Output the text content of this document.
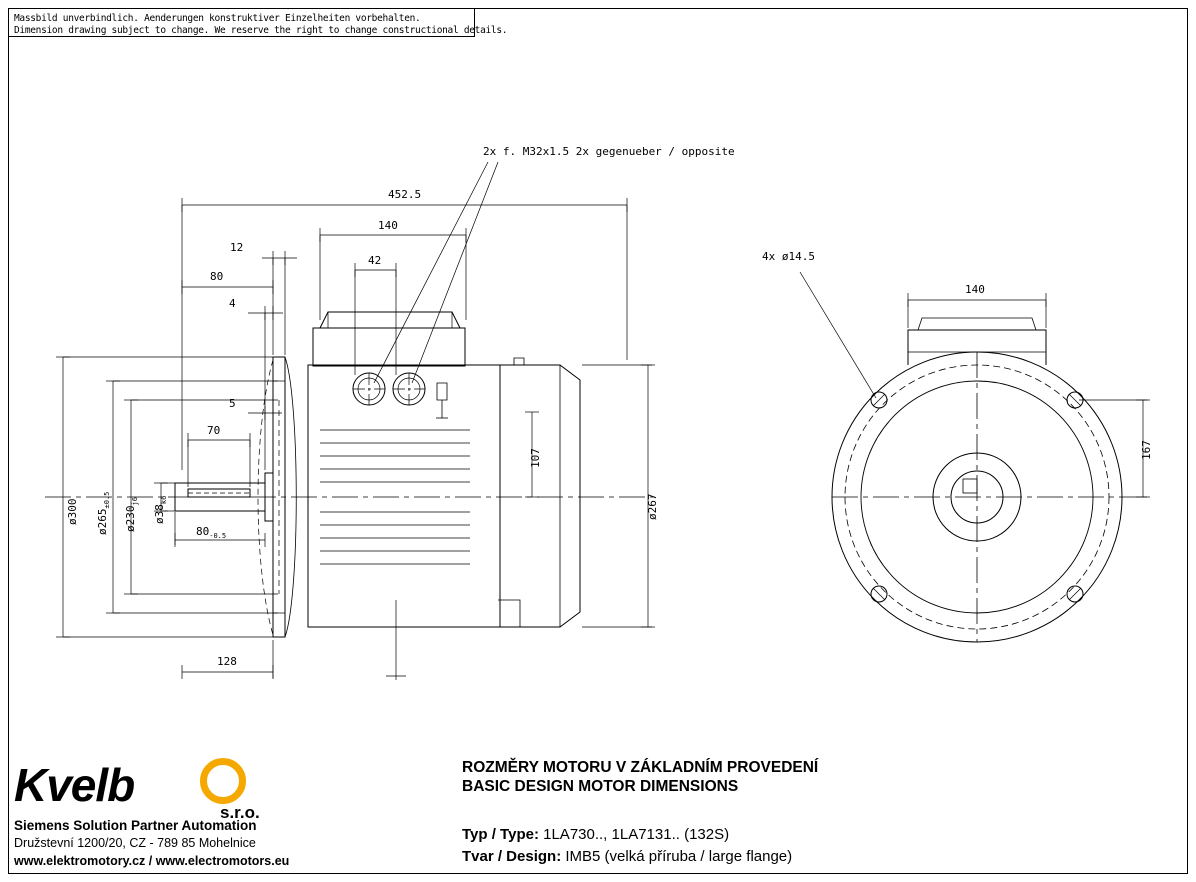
Massbild unverbindlich. Aenderungen konstruktiver Einzelheiten vorbehalten.
Dimension drawing subject to change. We reserve the right to change constructional details.
2x f. M32x1.5 2x gegenueber / opposite
452.5
140
42
12
80
4
5
70
$80_{-0.5}$
128
ø300 $ø265_{\pm 0.5}$
$ø230_{j6}$
$ø38_{k6}$
107
ø267
4x ø14.5
140
167
ROZMĚRY MOTORU V ZÁKLADNÍM PROVEDENÍ
BASIC DESIGN MOTOR DIMENSIONS
Typ / Type: 1LA730.., 1LA7131.. (132S)
Tvar / Design: IMB5 (velká příruba / large flange)
Kvelb
s.r.o.
Siemens Solution Partner Automation
Družstevní 1200/20, CZ - 789 85 Mohelnice
www.elektromotory.cz / www.electromotors.eu
